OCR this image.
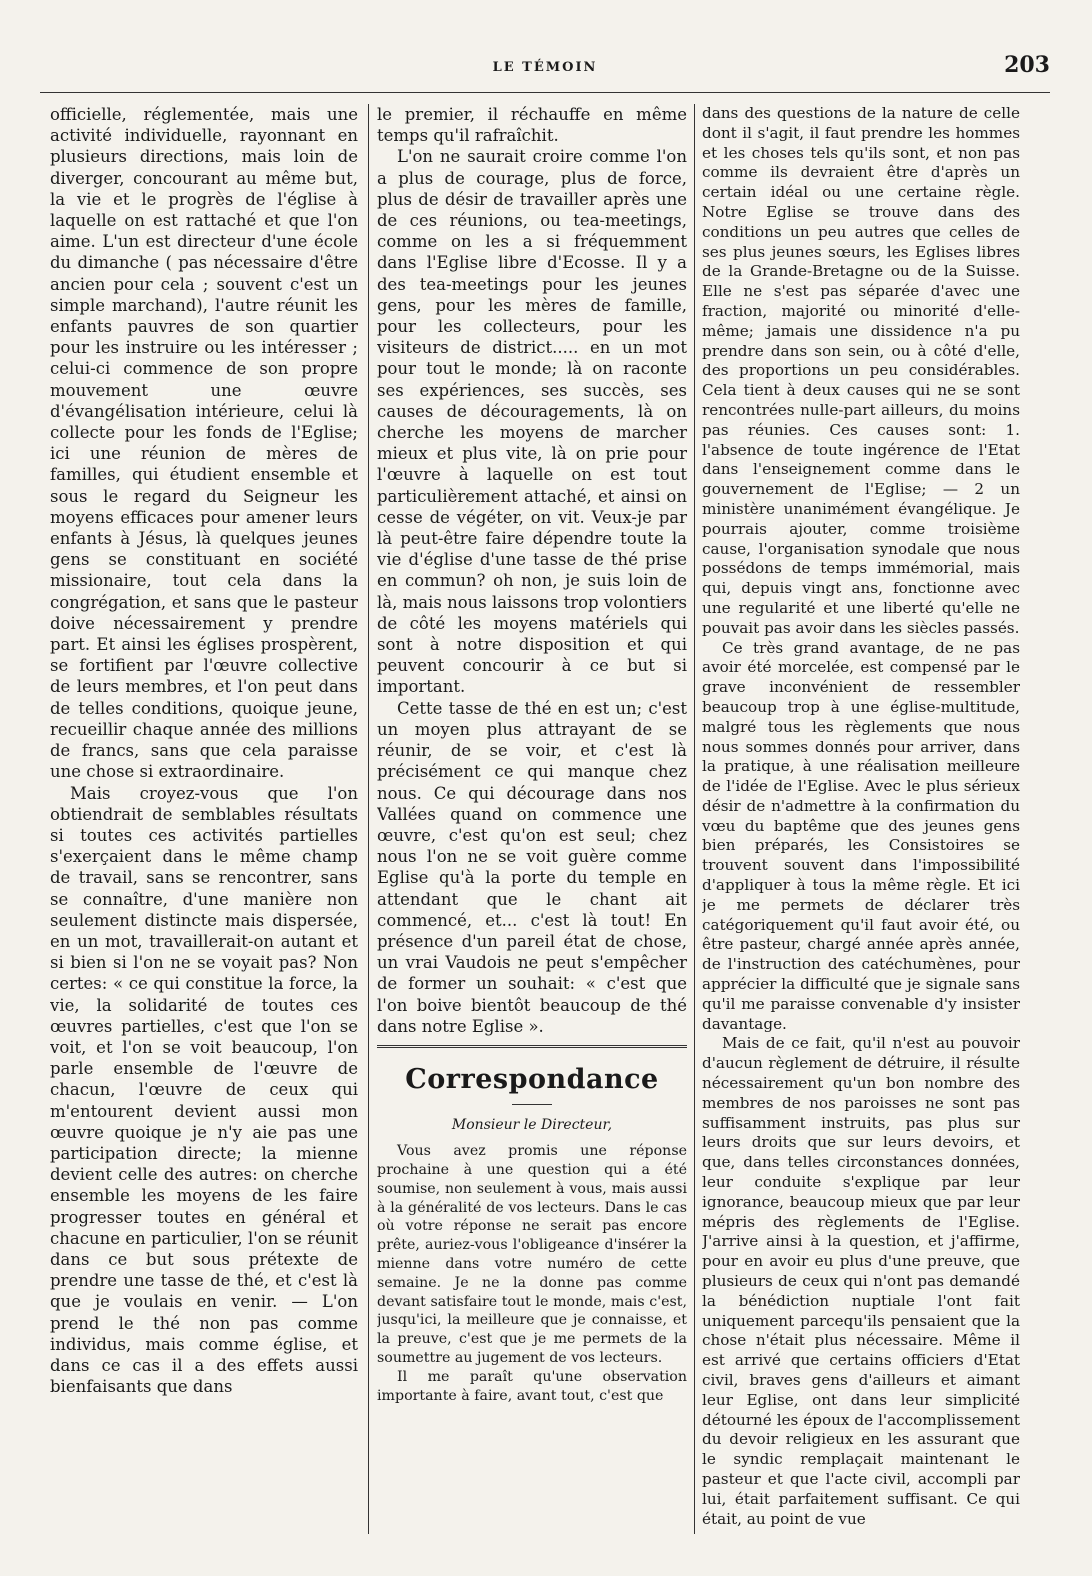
LE TÉMOIN	203

officielle, réglementée, mais une activité individuelle, rayonnant en plusieurs directions, mais loin de diverger, concourant au même but, la vie et le progrès de l'église à laquelle on est rattaché et que l'on aime. L'un est directeur d'une école du dimanche ( pas nécessaire d'être ancien pour cela ; souvent c'est un simple marchand), l'autre réunit les enfants pauvres de son quartier pour les instruire ou les intéresser ; celui-ci commence de son propre mouvement une œuvre d'évangélisation intérieure, celui là collecte pour les fonds de l'Eglise; ici une réunion de mères de familles, qui étudient ensemble et sous le regard du Seigneur les moyens efficaces pour amener leurs enfants à Jésus, là quelques jeunes gens se constituant en société missionaire, tout cela dans la congrégation, et sans que le pasteur doive nécessairement y prendre part. Et ainsi les églises prospèrent, se fortifient par l'œuvre collective de leurs membres, et l'on peut dans de telles conditions, quoique jeune, recueillir chaque année des millions de francs, sans que cela paraisse une chose si extraordinaire.

Mais croyez-vous que l'on obtiendrait de semblables résultats si toutes ces activités partielles s'exerçaient dans le même champ de travail, sans se rencontrer, sans se connaître, d'une manière non seulement distincte mais dispersée, en un mot, travaillerait-on autant et si bien si l'on ne se voyait pas? Non certes: « ce qui constitue la force, la vie, la solidarité de toutes ces œuvres partielles, c'est que l'on se voit, et l'on se voit beaucoup, l'on parle ensemble de l'œuvre de chacun, l'œuvre de ceux qui m'entourent devient aussi mon œuvre quoique je n'y aie pas une participation directe; la mienne devient celle des autres: on cherche ensemble les moyens de les faire progresser toutes en général et chacune en particulier, l'on se réunit dans ce but sous prétexte de prendre une tasse de thé, et c'est là que je voulais en venir. — L'on prend le thé non pas comme individus, mais comme église, et dans ce cas il a des effets aussi bienfaisants que dans

le premier, il réchauffe en même temps qu'il rafraîchit.

L'on ne saurait croire comme l'on a plus de courage, plus de force, plus de désir de travailler après une de ces réunions, ou tea-meetings, comme on les a si fréquemment dans l'Eglise libre d'Ecosse. Il y a des tea-meetings pour les jeunes gens, pour les mères de famille, pour les collecteurs, pour les visiteurs de district..... en un mot pour tout le monde; là on raconte ses expériences, ses succès, ses causes de découragements, là on cherche les moyens de marcher mieux et plus vite, là on prie pour l'œuvre à laquelle on est tout particulièrement attaché, et ainsi on cesse de végéter, on vit. Veux-je par là peut-être faire dépendre toute la vie d'église d'une tasse de thé prise en commun? oh non, je suis loin de là, mais nous laissons trop volontiers de côté les moyens matériels qui sont à notre disposition et qui peuvent concourir à ce but si important.

Cette tasse de thé en est un; c'est un moyen plus attrayant de se réunir, de se voir, et c'est là précisément ce qui manque chez nous. Ce qui décourage dans nos Vallées quand on commence une œuvre, c'est qu'on est seul; chez nous l'on ne se voit guère comme Eglise qu'à la porte du temple en attendant que le chant ait commencé, et... c'est là tout! En présence d'un pareil état de chose, un vrai Vaudois ne peut s'empêcher de former un souhait: « c'est que l'on boive bientôt beaucoup de thé dans notre Eglise ».

Correspondance
Monsieur le Directeur,

Vous avez promis une réponse prochaine à une question qui a été soumise, non seulement à vous, mais aussi à la généralité de vos lecteurs. Dans le cas où votre réponse ne serait pas encore prête, auriez-vous l'obligeance d'insérer la mienne dans votre numéro de cette semaine. Je ne la donne pas comme devant satisfaire tout le monde, mais c'est, jusqu'ici, la meilleure que je connaisse, et la preuve, c'est que je me permets de la soumettre au jugement de vos lecteurs.

Il me paraît qu'une observation importante à faire, avant tout, c'est que

dans des questions de la nature de celle dont il s'agit, il faut prendre les hommes et les choses tels qu'ils sont, et non pas comme ils devraient être d'après un certain idéal ou une certaine règle. Notre Eglise se trouve dans des conditions un peu autres que celles de ses plus jeunes sœurs, les Eglises libres de la Grande-Bretagne ou de la Suisse. Elle ne s'est pas séparée d'avec une fraction, majorité ou minorité d'elle-même; jamais une dissidence n'a pu prendre dans son sein, ou à côté d'elle, des proportions un peu considérables. Cela tient à deux causes qui ne se sont rencontrées nulle-part ailleurs, du moins pas réunies. Ces causes sont: 1. l'absence de toute ingérence de l'Etat dans l'enseignement comme dans le gouvernement de l'Eglise; — 2 un ministère unanimément évangélique. Je pourrais ajouter, comme troisième cause, l'organisation synodale que nous possédons de temps immémorial, mais qui, depuis vingt ans, fonctionne avec une regularité et une liberté qu'elle ne pouvait pas avoir dans les siècles passés.

Ce très grand avantage, de ne pas avoir été morcelée, est compensé par le grave inconvénient de ressembler beaucoup trop à une église-multitude, malgré tous les règlements que nous nous sommes donnés pour arriver, dans la pratique, à une réalisation meilleure de l'idée de l'Eglise. Avec le plus sérieux désir de n'admettre à la confirmation du vœu du baptême que des jeunes gens bien préparés, les Consistoires se trouvent souvent dans l'impossibilité d'appliquer à tous la même règle. Et ici je me permets de déclarer très catégoriquement qu'il faut avoir été, ou être pasteur, chargé année après année, de l'instruction des catéchumènes, pour apprécier la difficulté que je signale sans qu'il me paraisse convenable d'y insister davantage.

Mais de ce fait, qu'il n'est au pouvoir d'aucun règlement de détruire, il résulte nécessairement qu'un bon nombre des membres de nos paroisses ne sont pas suffisamment instruits, pas plus sur leurs droits que sur leurs devoirs, et que, dans telles circonstances données, leur conduite s'explique par leur ignorance, beaucoup mieux que par leur mépris des règlements de l'Eglise. J'arrive ainsi à la question, et j'affirme, pour en avoir eu plus d'une preuve, que plusieurs de ceux qui n'ont pas demandé la bénédiction nuptiale l'ont fait uniquement parcequ'ils pensaient que la chose n'était plus nécessaire. Même il est arrivé que certains officiers d'Etat civil, braves gens d'ailleurs et aimant leur Eglise, ont dans leur simplicité détourné les époux de l'accomplissement du devoir religieux en les assurant que le syndic remplaçait maintenant le pasteur et que l'acte civil, accompli par lui, était parfaitement suffisant. Ce qui était, au point de vue
